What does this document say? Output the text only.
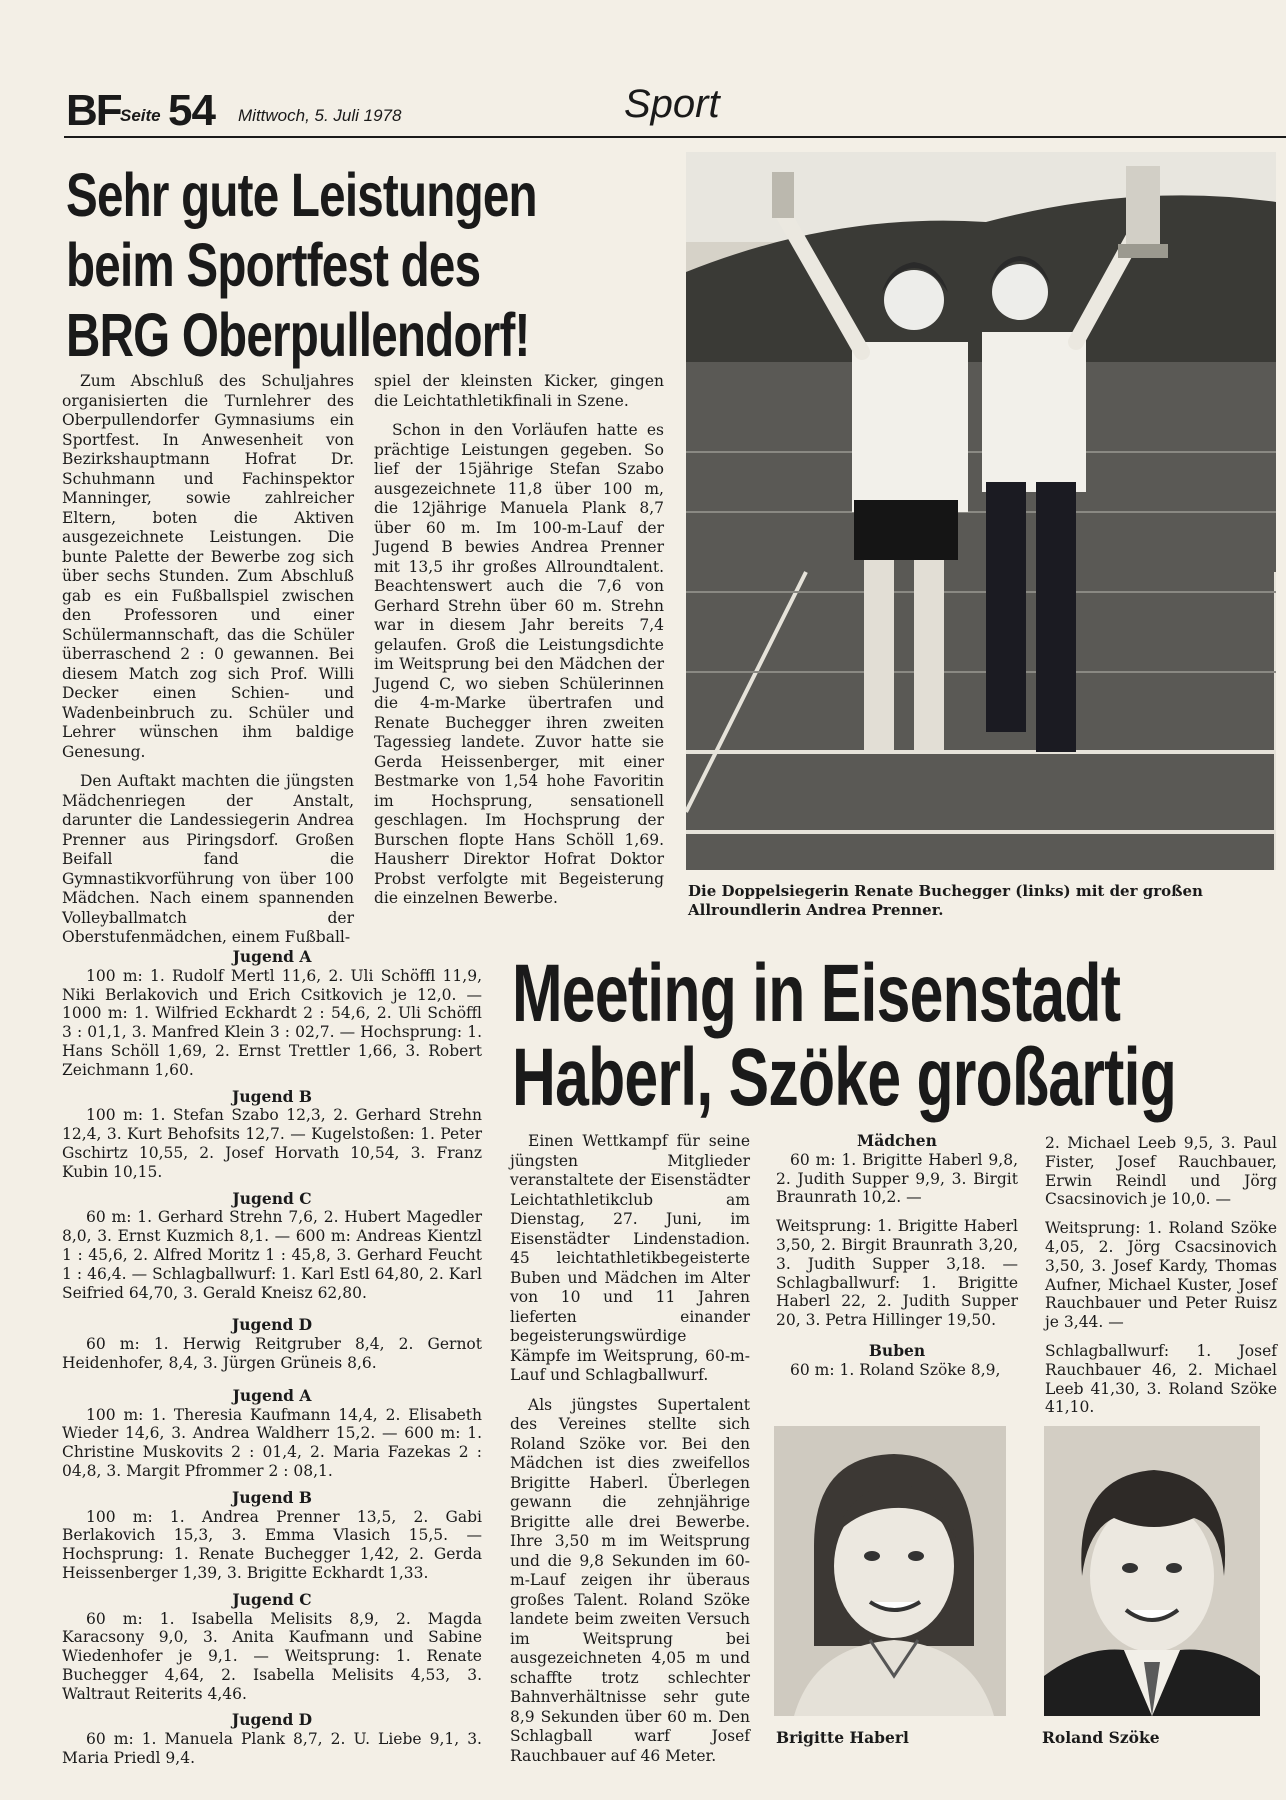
BF Seite 54 Mittwoch, 5. Juli 1978	Sport
Sehr gute Leistungen
beim Sportfest des
BRG Oberpullendorf!

Zum Abschluß des Schuljahres organisierten die Turnlehrer des Oberpullendorfer Gymnasiums ein Sportfest. In Anwesenheit von Bezirkshauptmann Hofrat Dr. Schuhmann und Fachinspektor Manninger, sowie zahlreicher Eltern, boten die Aktiven ausgezeichnete Leistungen. Die bunte Palette der Bewerbe zog sich über sechs Stunden. Zum Abschluß gab es ein Fußballspiel zwischen den Professoren und einer Schülermannschaft, das die Schüler überraschend 2 : 0 gewannen. Bei diesem Match zog sich Prof. Willi Decker einen Schien- und Wadenbeinbruch zu. Schüler und Lehrer wünschen ihm baldige Genesung.

Den Auftakt machten die jüngsten Mädchenriegen der Anstalt, darunter die Landessiegerin Andrea Prenner aus Piringsdorf. Großen Beifall fand die Gymnastikvorführung von über 100 Mädchen. Nach einem spannenden Volleyballmatch der Oberstufenmädchen, einem Fußball-

spiel der kleinsten Kicker, gingen die Leichtathletikfinali in Szene.

Schon in den Vorläufen hatte es prächtige Leistungen gegeben. So lief der 15jährige Stefan Szabo ausgezeichnete 11,8 über 100 m, die 12jährige Manuela Plank 8,7 über 60 m. Im 100-m-Lauf der Jugend B bewies Andrea Prenner mit 13,5 ihr großes Allroundtalent. Beachtenswert auch die 7,6 von Gerhard Strehn über 60 m. Strehn war in diesem Jahr bereits 7,4 gelaufen. Groß die Leistungsdichte im Weitsprung bei den Mädchen der Jugend C, wo sieben Schülerinnen die 4-m-Marke übertrafen und Renate Buchegger ihren zweiten Tagessieg landete. Zuvor hatte sie Gerda Heissenberger, mit einer Bestmarke von 1,54 hohe Favoritin im Hochsprung, sensationell geschlagen. Im Hochsprung der Burschen flopte Hans Schöll 1,69. Hausherr Direktor Hofrat Doktor Probst verfolgte mit Begeisterung die einzelnen Bewerbe.	Die Doppelsiegerin Renate Buchegger (links) mit der großen Allroundlerin Andrea Prenner.
Jugend A
100 m: 1. Rudolf Mertl 11,6, 2. Uli Schöffl 11,9, Niki Berlakovich und Erich Csitkovich je 12,0. — 1000 m: 1. Wilfried Eckhardt 2 : 54,6, 2. Uli Schöffl 3 : 01,1, 3. Manfred Klein 3 : 02,7. — Hochsprung: 1. Hans Schöll 1,69, 2. Ernst Trettler 1,66, 3. Robert Zeichmann 1,60.
Jugend B
100 m: 1. Stefan Szabo 12,3, 2. Gerhard Strehn 12,4, 3. Kurt Behofsits 12,7. — Kugelstoßen: 1. Peter Gschirtz 10,55, 2. Josef Horvath 10,54, 3. Franz Kubin 10,15.
Jugend C
60 m: 1. Gerhard Strehn 7,6, 2. Hubert Magedler 8,0, 3. Ernst Kuzmich 8,1. — 600 m: Andreas Kientzl 1 : 45,6, 2. Alfred Moritz 1 : 45,8, 3. Gerhard Feucht 1 : 46,4. — Schlagballwurf: 1. Karl Estl 64,80, 2. Karl Seifried 64,70, 3. Gerald Kneisz 62,80.
Jugend D
60 m: 1. Herwig Reitgruber 8,4, 2. Gernot Heidenhofer, 8,4, 3. Jürgen Grüneis 8,6.
Jugend A
100 m: 1. Theresia Kaufmann 14,4, 2. Elisabeth Wieder 14,6, 3. Andrea Waldherr 15,2. — 600 m: 1. Christine Muskovits 2 : 01,4, 2. Maria Fazekas 2 : 04,8, 3. Margit Pfrommer 2 : 08,1.
Jugend B
100 m: 1. Andrea Prenner 13,5, 2. Gabi Berlakovich 15,3, 3. Emma Vlasich 15,5. — Hochsprung: 1. Renate Buchegger 1,42, 2. Gerda Heissenberger 1,39, 3. Brigitte Eckhardt 1,33.
Jugend C
60 m: 1. Isabella Melisits 8,9, 2. Magda Karacsony 9,0, 3. Anita Kaufmann und Sabine Wiedenhofer je 9,1. — Weitsprung: 1. Renate Buchegger 4,64, 2. Isabella Melisits 4,53, 3. Waltraut Reiterits 4,46.
Jugend D
60 m: 1. Manuela Plank 8,7, 2. U. Liebe 9,1, 3. Maria Priedl 9,4.
Meeting in Eisenstadt
Haberl, Szöke großartig

Einen Wettkampf für seine jüngsten Mitglieder veranstaltete der Eisenstädter Leichtathletikclub am Dienstag, 27. Juni, im Eisenstädter Lindenstadion. 45 leichtathletikbegeisterte Buben und Mädchen im Alter von 10 und 11 Jahren lieferten einander begeisterungswürdige Kämpfe im Weitsprung, 60-m-Lauf und Schlagballwurf.

Als jüngstes Supertalent des Vereines stellte sich Roland Szöke vor. Bei den Mädchen ist dies zweifellos Brigitte Haberl. Überlegen gewann die zehnjährige Brigitte alle drei Bewerbe. Ihre 3,50 m im Weitsprung und die 9,8 Sekunden im 60-m-Lauf zeigen ihr überaus großes Talent. Roland Szöke landete beim zweiten Versuch im Weitsprung bei ausgezeichneten 4,05 m und schaffte trotz schlechter Bahnverhältnisse sehr gute 8,9 Sekunden über 60 m. Den Schlagball warf Josef Rauchbauer auf 46 Meter.

Mädchen
60 m: 1. Brigitte Haberl 9,8, 2. Judith Supper 9,9, 3. Birgit Braunrath 10,2. —
Weitsprung: 1. Brigitte Haberl 3,50, 2. Birgit Braunrath 3,20, 3. Judith Supper 3,18. — Schlagballwurf: 1. Brigitte Haberl 22, 2. Judith Supper 20, 3. Petra Hillinger 19,50.
Buben
60 m: 1. Roland Szöke 8,9,
2. Michael Leeb 9,5, 3. Paul Fister, Josef Rauchbauer, Erwin Reindl und Jörg Csacsinovich je 10,0. —
Weitsprung: 1. Roland Szöke 4,05, 2. Jörg Csacsinovich 3,50, 3. Josef Kardy, Thomas Aufner, Michael Kuster, Josef Rauchbauer und Peter Ruisz je 3,44. —
Schlagballwurf: 1. Josef Rauchbauer 46, 2. Michael Leeb 41,30, 3. Roland Szöke 41,10.
Brigitte Haberl	Roland Szöke
